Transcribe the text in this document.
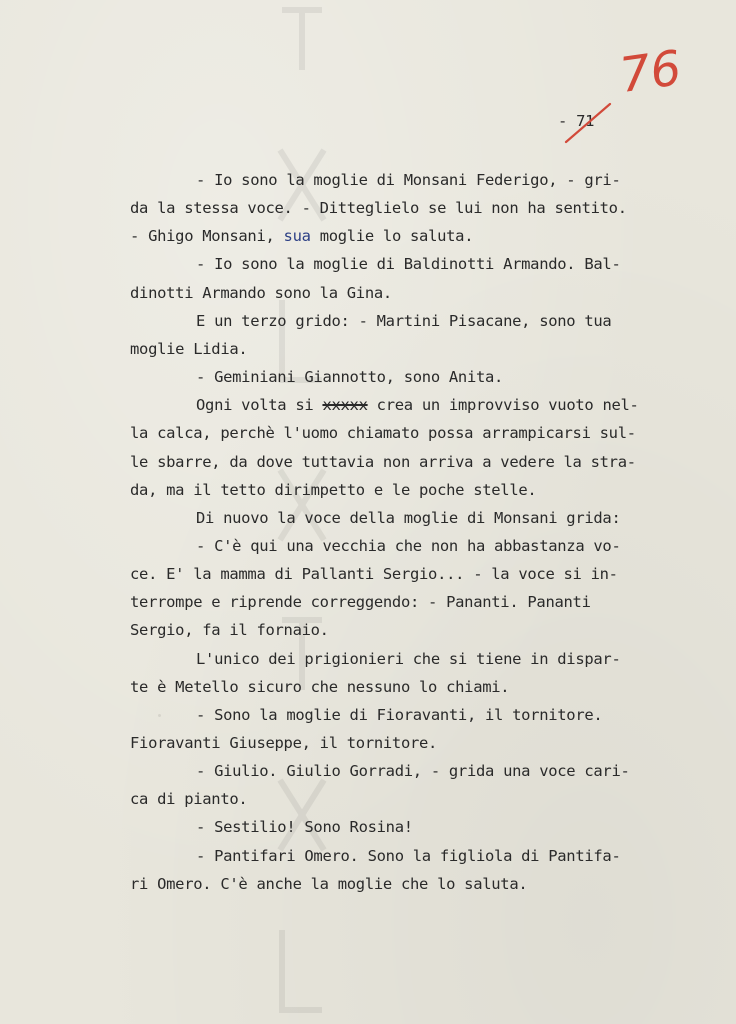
- 71
76
- Io sono la moglie di Monsani Federigo, - gri-
da la stessa voce. - Ditteglielo se lui non ha sentito.
- Ghigo Monsani, sua moglie lo saluta.
- Io sono la moglie di Baldinotti Armando. Bal-
dinotti Armando sono la Gina.
E un terzo grido: - Martini Pisacane, sono tua
moglie Lidia.
- Geminiani Giannotto, sono Anita.
Ogni volta si xxxxx crea un improvviso vuoto nel-
la calca, perchè l'uomo chiamato possa arrampicarsi sul-
le sbarre, da dove tuttavia non arriva a vedere la stra-
da, ma il tetto dirimpetto e le poche stelle.
Di nuovo la voce della moglie di Monsani grida:
- C'è qui una vecchia che non ha abbastanza vo-
ce. E' la mamma di Pallanti Sergio... - la voce si in-
terrompe e riprende correggendo: - Pananti. Pananti
Sergio, fa il fornaio.
L'unico dei prigionieri che si tiene in dispar-
te è Metello sicuro che nessuno lo chiami.
- Sono la moglie di Fioravanti, il tornitore.
Fioravanti Giuseppe, il tornitore.
- Giulio. Giulio Gorradi, - grida una voce cari-
ca di pianto.
- Sestilio! Sono Rosina!
- Pantifari Omero. Sono la figliola di Pantifa-
ri Omero. C'è anche la moglie che lo saluta.
